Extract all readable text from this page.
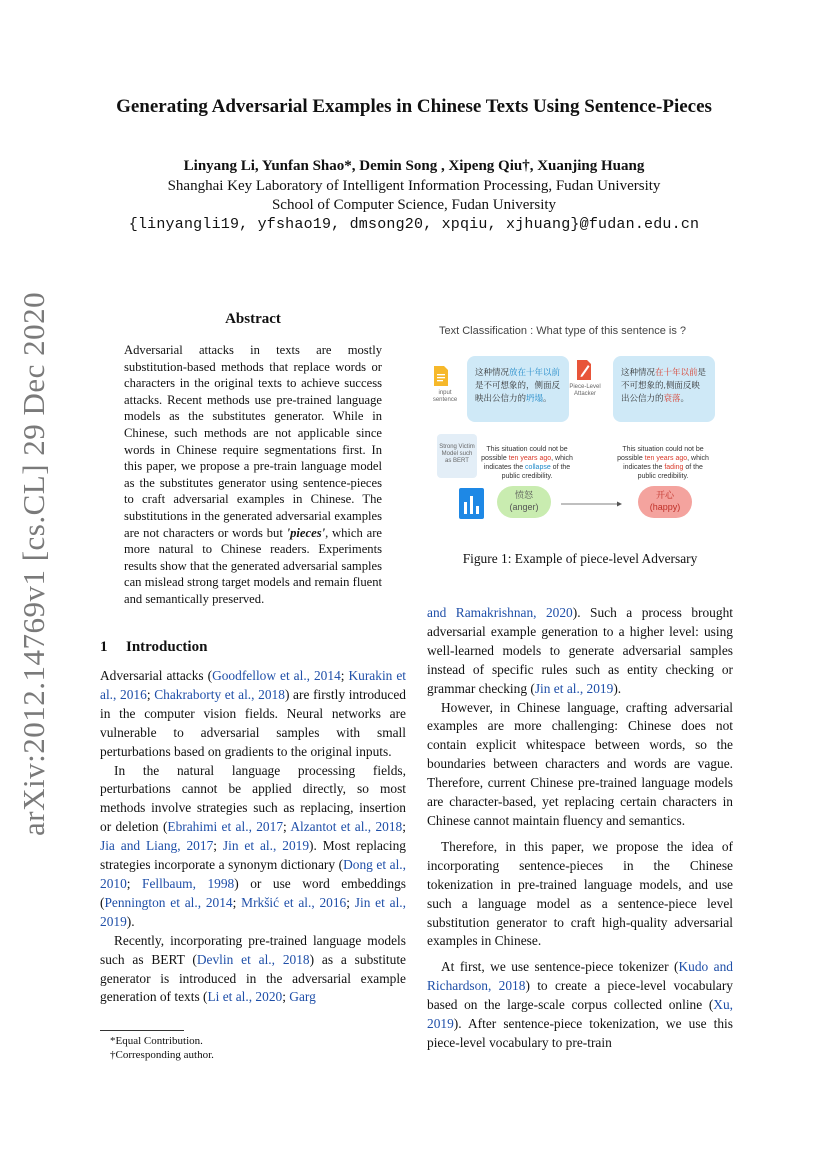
arXiv:2012.14769v1 [cs.CL] 29 Dec 2020
Generating Adversarial Examples in Chinese Texts Using Sentence-Pieces
Linyang Li, Yunfan Shao*, Demin Song , Xipeng Qiu†, Xuanjing Huang
Shanghai Key Laboratory of Intelligent Information Processing, Fudan University
School of Computer Science, Fudan University
{linyangli19, yfshao19, dmsong20, xpqiu, xjhuang}@fudan.edu.cn
Abstract
Adversarial attacks in texts are mostly substitution-based methods that replace words or characters in the original texts to achieve success attacks. Recent methods use pre-trained language models as the substitutes generator. While in Chinese, such methods are not applicable since words in Chinese require segmentations first. In this paper, we propose a pre-train language model as the substitutes generator using sentence-pieces to craft adversarial examples in Chinese. The substitutions in the generated adversarial examples are not characters or words but 'pieces', which are more natural to Chinese readers. Experiments results show that the generated adversarial samples can mislead strong target models and remain fluent and semantically preserved.
1 Introduction

Adversarial attacks (Goodfellow et al., 2014; Kurakin et al., 2016; Chakraborty et al., 2018) are firstly introduced in the computer vision fields. Neural networks are vulnerable to adversarial samples with small perturbations based on gradients to the original inputs.

In the natural language processing fields, perturbations cannot be applied directly, so most methods involve strategies such as replacing, insertion or deletion (Ebrahimi et al., 2017; Alzantot et al., 2018; Jia and Liang, 2017; Jin et al., 2019). Most replacing strategies incorporate a synonym dictionary (Dong et al., 2010; Fellbaum, 1998) or use word embeddings (Pennington et al., 2014; Mrkšić et al., 2016; Jin et al., 2019).

Recently, incorporating pre-trained language models such as BERT (Devlin et al., 2018) as a substitute generator is introduced in the adversarial example generation of texts (Li et al., 2020; Garg

*Equal Contribution.
†Corresponding author.
Text Classification : What type of this sentence is ?
input sentence
这种情况放在十年以前是不可想象的，侧面反映出公信力的坍塌。
Piece-Level Attacker
这种情况在十年以前是不可想象的,侧面反映出公信力的衰落。
Strong Victim Model such as BERT
This situation could not be possible ten years ago, which indicates the collapse of the public credibility.
This situation could not be possible ten years ago, which indicates the fading of the public credibility.
愤怒
(anger)
开心
(happy)
Figure 1: Example of piece-level Adversary

and Ramakrishnan, 2020). Such a process brought adversarial example generation to a higher level: using well-learned models to generate adversarial samples instead of specific rules such as entity checking or grammar checking (Jin et al., 2019).

However, in Chinese language, crafting adversarial examples are more challenging: Chinese does not contain explicit whitespace between words, so the boundaries between characters and words are vague. Therefore, current Chinese pre-trained language models are character-based, yet replacing certain characters in Chinese cannot maintain fluency and semantics.

Therefore, in this paper, we propose the idea of incorporating sentence-pieces in the Chinese tokenization in pre-trained language models, and use such a language model as a sentence-piece level substitution generator to craft high-quality adversarial examples in Chinese.

At first, we use sentence-piece tokenizer (Kudo and Richardson, 2018) to create a piece-level vocabulary based on the large-scale corpus collected online (Xu, 2019). After sentence-piece tokenization, we use this piece-level vocabulary to pre-train
